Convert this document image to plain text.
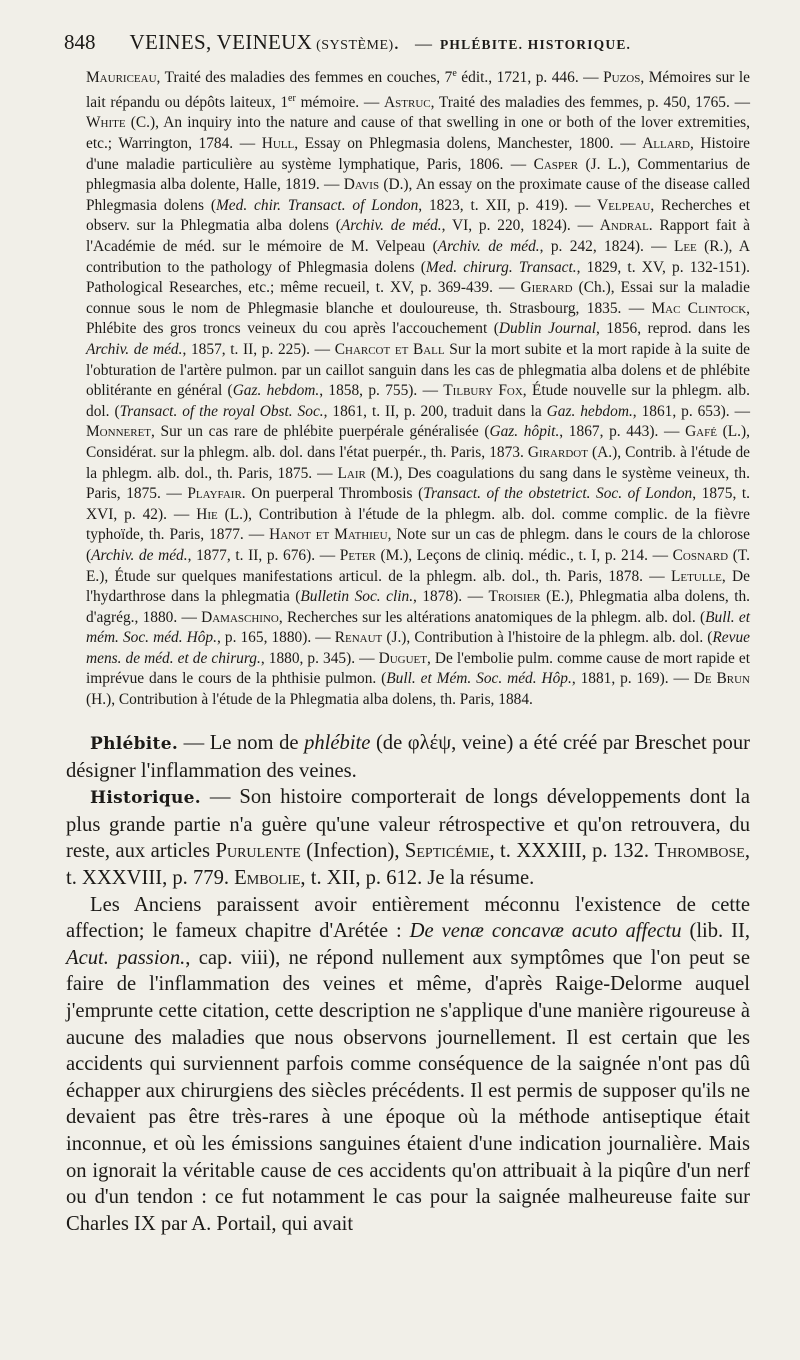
848 VEINES, VEINEUX (SYSTÈME) . — PHLÉBITE. HISTORIQUE.

Mauriceau, Traité des maladies des femmes en couches, 7e édit., 1721, p. 446. — Puzos, Mémoires sur le lait répandu ou dépôts laiteux, 1er mémoire. — Astruc, Traité des maladies des femmes, p. 450, 1765. — White (C.), An inquiry into the nature and cause of that swelling in one or both of the lover extremities, etc.; Warrington, 1784. — Hull, Essay on Phlegmasia dolens, Manchester, 1800. — Allard, Histoire d'une maladie particulière au système lymphatique, Paris, 1806. — Casper (J. L.), Commentarius de phlegmasia alba dolente, Halle, 1819. — Davis (D.), An essay on the proximate cause of the disease called Phlegmasia dolens (Med. chir. Transact. of London, 1823, t. XII, p. 419). — Velpeau, Recherches et observ. sur la Phlegmatia alba dolens (Archiv. de méd., VI, p. 220, 1824). — Andral. Rapport fait à l'Académie de méd. sur le mémoire de M. Velpeau (Archiv. de méd., p. 242, 1824). — Lee (R.), A contribution to the pathology of Phlegmasia dolens (Med. chirurg. Transact., 1829, t. XV, p. 132-151). Pathological Researches, etc.; même recueil, t. XV, p. 369-439. — Gierard (Ch.), Essai sur la maladie connue sous le nom de Phlegmasie blanche et douloureuse, th. Strasbourg, 1835. — Mac Clintock, Phlébite des gros troncs veineux du cou après l'accouchement (Dublin Journal, 1856, reprod. dans les Archiv. de méd., 1857, t. II, p. 225). — Charcot et Ball Sur la mort subite et la mort rapide à la suite de l'obturation de l'artère pulmon. par un caillot sanguin dans les cas de phlegmatia alba dolens et de phlébite oblitérante en général (Gaz. hebdom., 1858, p. 755). — Tilbury Fox, Étude nouvelle sur la phlegm. alb. dol. (Transact. of the royal Obst. Soc., 1861, t. II, p. 200, traduit dans la Gaz. hebdom., 1861, p. 653). — Monneret, Sur un cas rare de phlébite puerpérale généralisée (Gaz. hôpit., 1867, p. 443). — Gafé (L.), Considérat. sur la phlegm. alb. dol. dans l'état puerpér., th. Paris, 1873. Girardot (A.), Contrib. à l'étude de la phlegm. alb. dol., th. Paris, 1875. — Lair (M.), Des coagulations du sang dans le système veineux, th. Paris, 1875. — Playfair. On puerperal Thrombosis (Transact. of the obstetrict. Soc. of London, 1875, t. XVI, p. 42). — Hie (L.), Contribution à l'étude de la phlegm. alb. dol. comme complic. de la fièvre typhoïde, th. Paris, 1877. — Hanot et Mathieu, Note sur un cas de phlegm. dans le cours de la chlorose (Archiv. de méd., 1877, t. II, p. 676). — Peter (M.), Leçons de cliniq. médic., t. I, p. 214. — Cosnard (T. E.), Étude sur quelques manifestations articul. de la phlegm. alb. dol., th. Paris, 1878. — Letulle, De l'hydarthrose dans la phlegmatia (Bulletin Soc. clin., 1878). — Troisier (E.), Phlegmatia alba dolens, th. d'agrég., 1880. — Damaschino, Recherches sur les altérations anatomiques de la phlegm. alb. dol. (Bull. et mém. Soc. méd. Hôp., p. 165, 1880). — Renaut (J.), Contribution à l'histoire de la phlegm. alb. dol. (Revue mens. de méd. et de chirurg., 1880, p. 345). — Duguet, De l'embolie pulm. comme cause de mort rapide et imprévue dans le cours de la phthisie pulmon. (Bull. et Mém. Soc. méd. Hôp., 1881, p. 169). — De Brun (H.), Contribution à l'étude de la Phlegmatia alba dolens, th. Paris, 1884.

Phlébite. — Le nom de phlébite (de φλέψ, veine) a été créé par Breschet pour désigner l'inflammation des veines.

Historique. — Son histoire comporterait de longs développements dont la plus grande partie n'a guère qu'une valeur rétrospective et qu'on retrouvera, du reste, aux articles Purulente (Infection), Septicémie, t. XXXIII, p. 132. Thrombose, t. XXXVIII, p. 779. Embolie, t. XII, p. 612. Je la résume.

Les Anciens paraissent avoir entièrement méconnu l'existence de cette affection; le fameux chapitre d'Arétée : De venæ concavæ acuto affectu (lib. II, Acut. passion., cap. viii), ne répond nullement aux symptômes que l'on peut se faire de l'inflammation des veines et même, d'après Raige-Delorme auquel j'emprunte cette citation, cette description ne s'applique d'une manière rigoureuse à aucune des maladies que nous observons journellement. Il est certain que les accidents qui surviennent parfois comme conséquence de la saignée n'ont pas dû échapper aux chirurgiens des siècles précédents. Il est permis de supposer qu'ils ne devaient pas être très-rares à une époque où la méthode antiseptique était inconnue, et où les émissions sanguines étaient d'une indication journalière. Mais on ignorait la véritable cause de ces accidents qu'on attribuait à la piqûre d'un nerf ou d'un tendon : ce fut notamment le cas pour la saignée malheureuse faite sur Charles IX par A. Portail, qui avait
